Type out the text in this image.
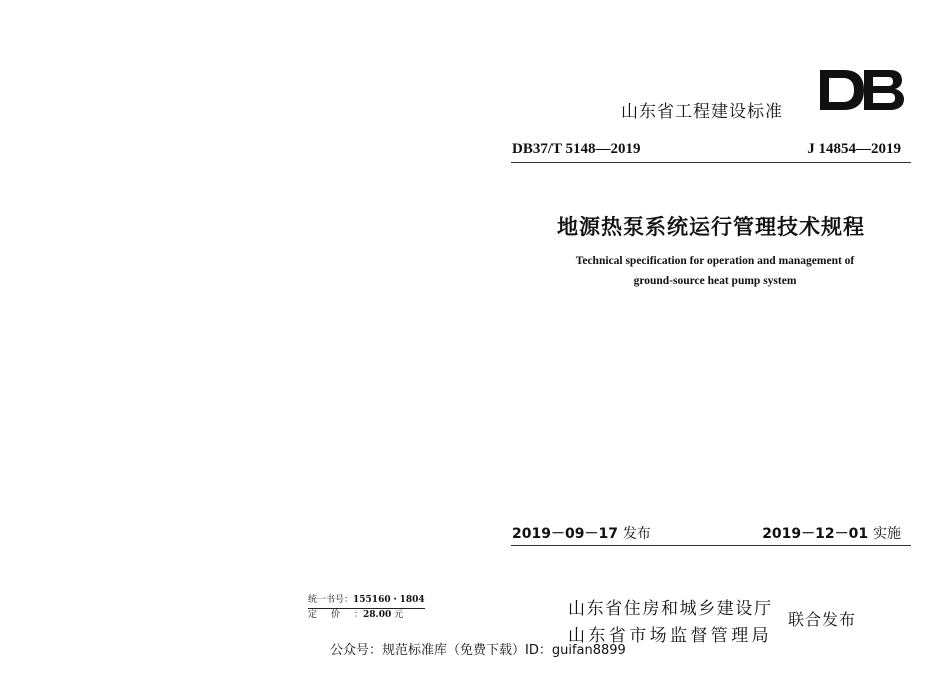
山东省工程建设标准
DB37/T 5148—2019	J 14854—2019
地源热泵系统运行管理技术规程
Technical specification for operation and management of
ground-source heat pump system
2019－09－17 发布	2019－12－01 实施
统一书号：155160・1804
定价：28.00 元	山东省住房和城乡建设厅
山东省市场监督管理局
联合发布
公众号：规范标准库（免费下载）ID：guifan8899
